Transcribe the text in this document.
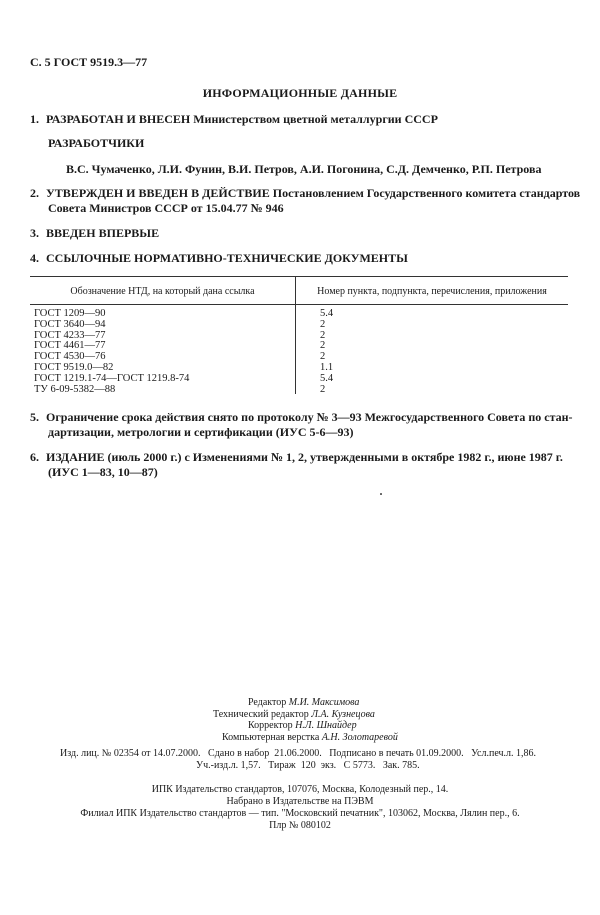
С. 5 ГОСТ 9519.3—77
ИНФОРМАЦИОННЫЕ ДАННЫЕ
1. РАЗРАБОТАН И ВНЕСЕН Министерством цветной металлургии СССР
РАЗРАБОТЧИКИ
В.С. Чумаченко, Л.И. Фунин, В.И. Петров, А.И. Погонина, С.Д. Демченко, Р.П. Петрова
2. УТВЕРЖДЕН И ВВЕДЕН В ДЕЙСТВИЕ Постановлением Государственного комитета стандартов
Совета Министров СССР от 15.04.77 № 946
3. ВВЕДЕН ВПЕРВЫЕ
4. ССЫЛОЧНЫЕ НОРМАТИВНО-ТЕХНИЧЕСКИЕ ДОКУМЕНТЫ
Обозначение НТД, на который дана ссылка	Номер пункта, подпункта, перечисления, приложения
ГОСТ 1209—90	5.4
ГОСТ 3640—94	2
ГОСТ 4233—77	2
ГОСТ 4461—77	2
ГОСТ 4530—76	2
ГОСТ 9519.0—82	1.1
ГОСТ 1219.1-74—ГОСТ 1219.8-74	5.4
ТУ 6-09-5382—88	2
5. Ограничение срока действия снято по протоколу № 3—93 Межгосударственного Совета по стан-
дартизации, метрологии и сертификации (ИУС 5-6—93)
6. ИЗДАНИЕ (июль 2000 г.) с Изменениями № 1, 2, утвержденными в октябре 1982 г., июне 1987 г.
(ИУС 1—83, 10—87)
Редактор М.И. Максимова
Технический редактор Л.А. Кузнецова
Корректор Н.Л. Шнайдер
Компьютерная верстка А.Н. Золотаревой
Изд. лиц. № 02354 от 14.07.2000.   Сдано в набор  21.06.2000.   Подписано в печать 01.09.2000.   Усл.печ.л. 1,86.
Уч.-изд.л. 1,57.   Тираж  120  экз.   С 5773.   Зак. 785.
ИПК Издательство стандартов, 107076, Москва, Колодезный пер., 14.
Набрано в Издательстве на ПЭВМ
Филиал ИПК Издательство стандартов — тип. "Московский печатник", 103062, Москва, Лялин пер., 6.
Плр № 080102
